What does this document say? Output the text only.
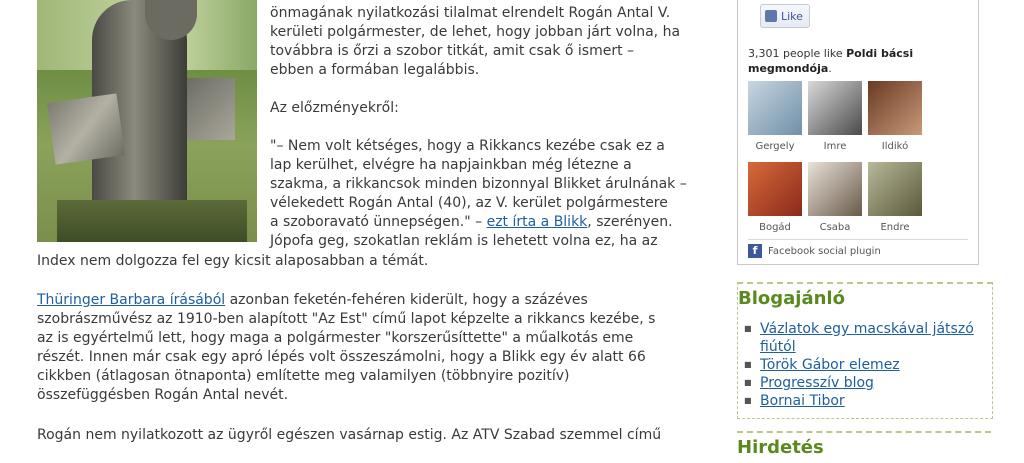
önmagának nyilatkozási tilalmat elrendelt Rogán Antal V.
kerületi polgármester, de lehet, hogy jobban járt volna, ha
továbbra is őrzi a szobor titkát, amit csak ő ismert –
ebben a formában legalábbis.
Az előzményekről:
"– Nem volt kétséges, hogy a Rikkancs kezébe csak ez a
lap kerülhet, elvégre ha napjainkban még létezne a
szakma, a rikkancsok minden bizonnyal Blikket árulnának –
vélekedett Rogán Antal (40), az V. kerület polgármestere
a szoboravató ünnepségen." – ezt írta a Blikk, szerényen.
Jópofa geg, szokatlan reklám is lehetett volna ez, ha az
Index nem dolgozza fel egy kicsit alaposabban a témát.
Thüringer Barbara írásából azonban feketén-fehéren kiderült, hogy a százéves
szobrászművész az 1910-ben alapított "Az Est" című lapot képzelte a rikkancs kezébe, s
az is egyértelmű lett, hogy maga a polgármester "korszerűsíttette" a műalkotás eme
részét. Innen már csak egy apró lépés volt összeszámolni, hogy a Blikk egy év alatt 66
cikkben (átlagosan ötnaponta) említette meg valamilyen (többnyire pozitív)
összefüggésben Rogán Antal nevét.
Rogán nem nyilatkozott az ügyről egészen vasárnap estig. Az ATV Szabad szemmel című
Like
3,301 people like Poldi bácsi megmondója.
Gergely	Imre	Ildikó
Bogád	Csaba	Endre
f	Facebook social plugin
Blogajánló
■ Vázlatok egy macskával játszó fiútól
■ Török Gábor elemez
■ Progresszív blog
■ Bornai Tibor
Hirdetés
